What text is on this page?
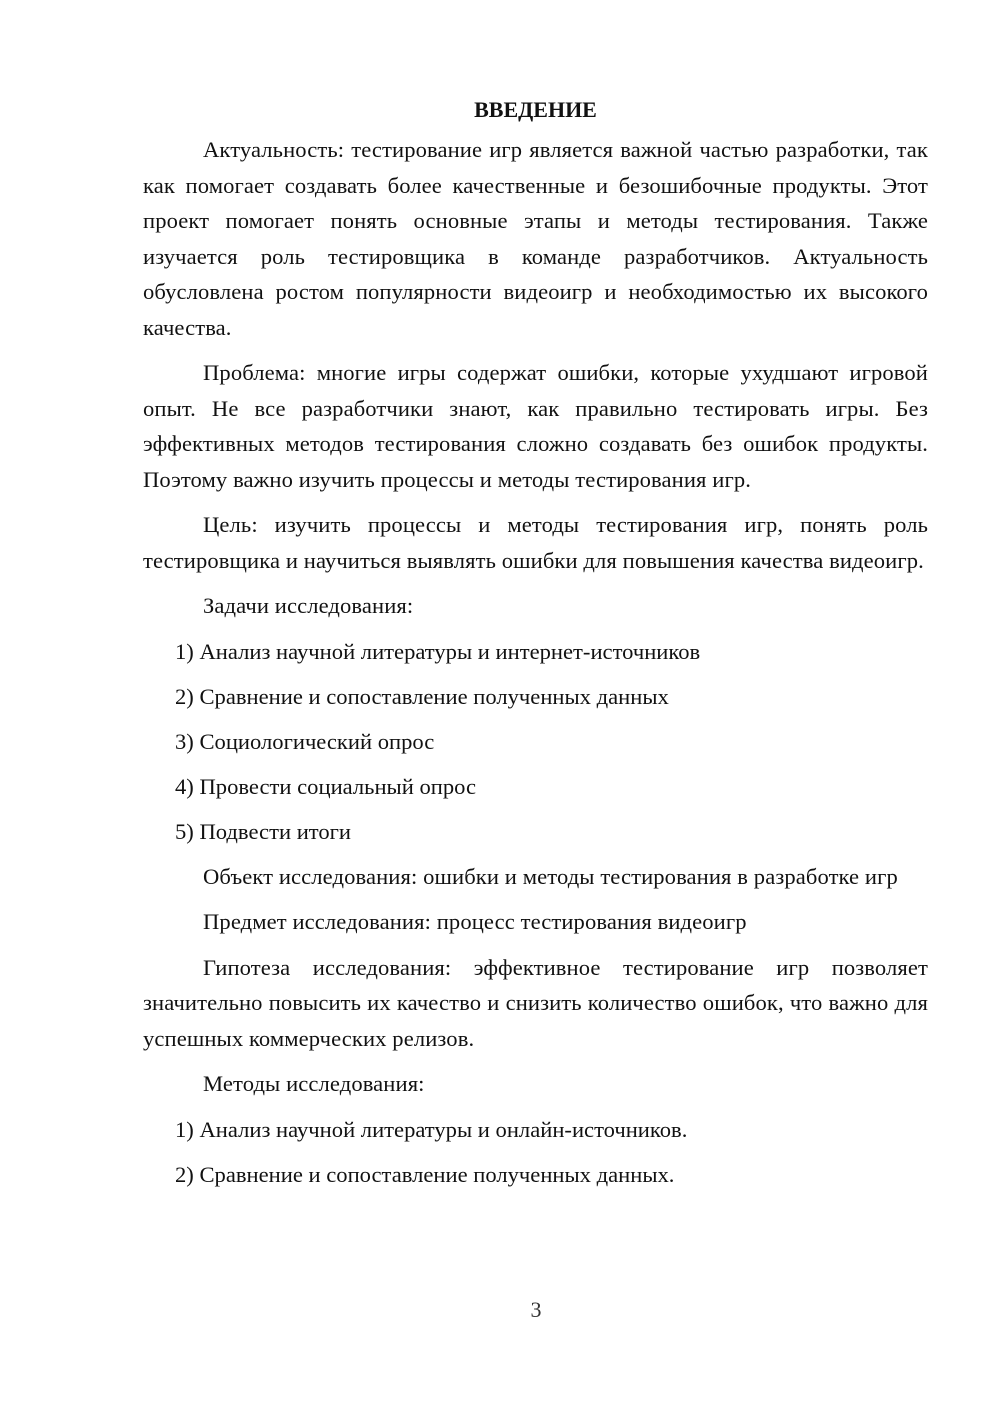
ВВЕДЕНИЕ

Актуальность: тестирование игр является важной частью разработки, так как помогает создавать более качественные и безошибочные продукты. Этот проект помогает понять основные этапы и методы тестирования. Также изучается роль тестировщика в команде разработчиков. Актуальность обусловлена ростом популярности видеоигр и необходимостью их высокого качества.

Проблема: многие игры содержат ошибки, которые ухудшают игровой опыт. Не все разработчики знают, как правильно тестировать игры. Без эффективных методов тестирования сложно создавать без ошибок продукты. Поэтому важно изучить процессы и методы тестирования игр.

Цель: изучить процессы и методы тестирования игр, понять роль тестировщика и научиться выявлять ошибки для повышения качества видеоигр.

Задачи исследования:

1) Анализ научной литературы и интернет-источников
2) Сравнение и сопоставление полученных данных
3) Социологический опрос
4) Провести социальный опрос
5) Подвести итоги

Объект исследования: ошибки и методы тестирования в разработке игр

Предмет исследования: процесс тестирования видеоигр

Гипотеза исследования: эффективное тестирование игр позволяет значительно повысить их качество и снизить количество ошибок, что важно для успешных коммерческих релизов.

Методы исследования:

1) Анализ научной литературы и онлайн-источников.
2) Сравнение и сопоставление полученных данных.
3
